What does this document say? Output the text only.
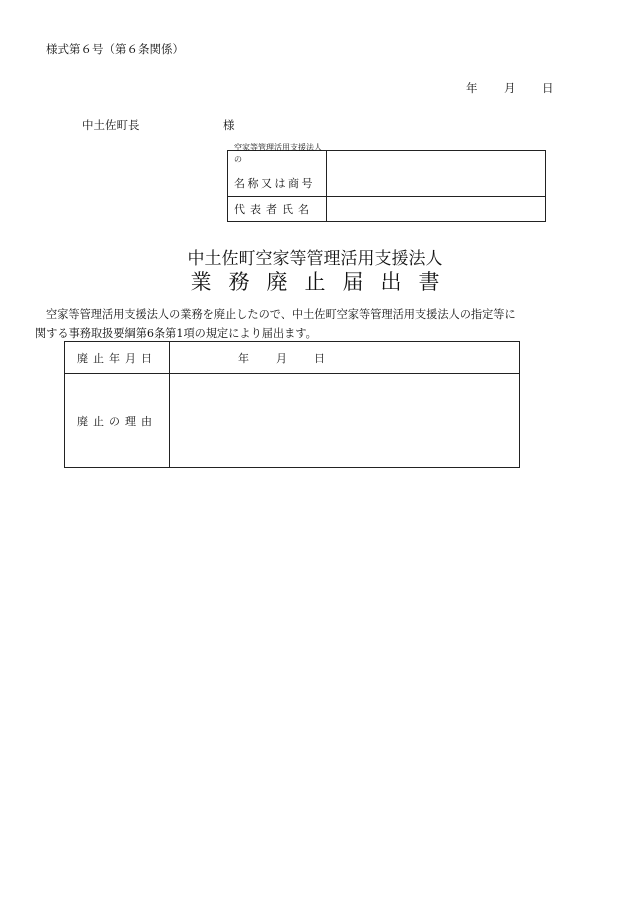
様式第６号（第６条関係）
年 月 日
中土佐町長	様
空家等管理活用支援法人の
名称又は商号	

代表者氏名	
中土佐町空家等管理活用支援法人
業務廃止届出書
空家等管理活用支援法人の業務を廃止したので、中土佐町空家等管理活用支援法人の指定等に
関する事務取扱要綱第6条第1項の規定により届出ます。
廃止年月日	年 月 日
廃止の理由	
